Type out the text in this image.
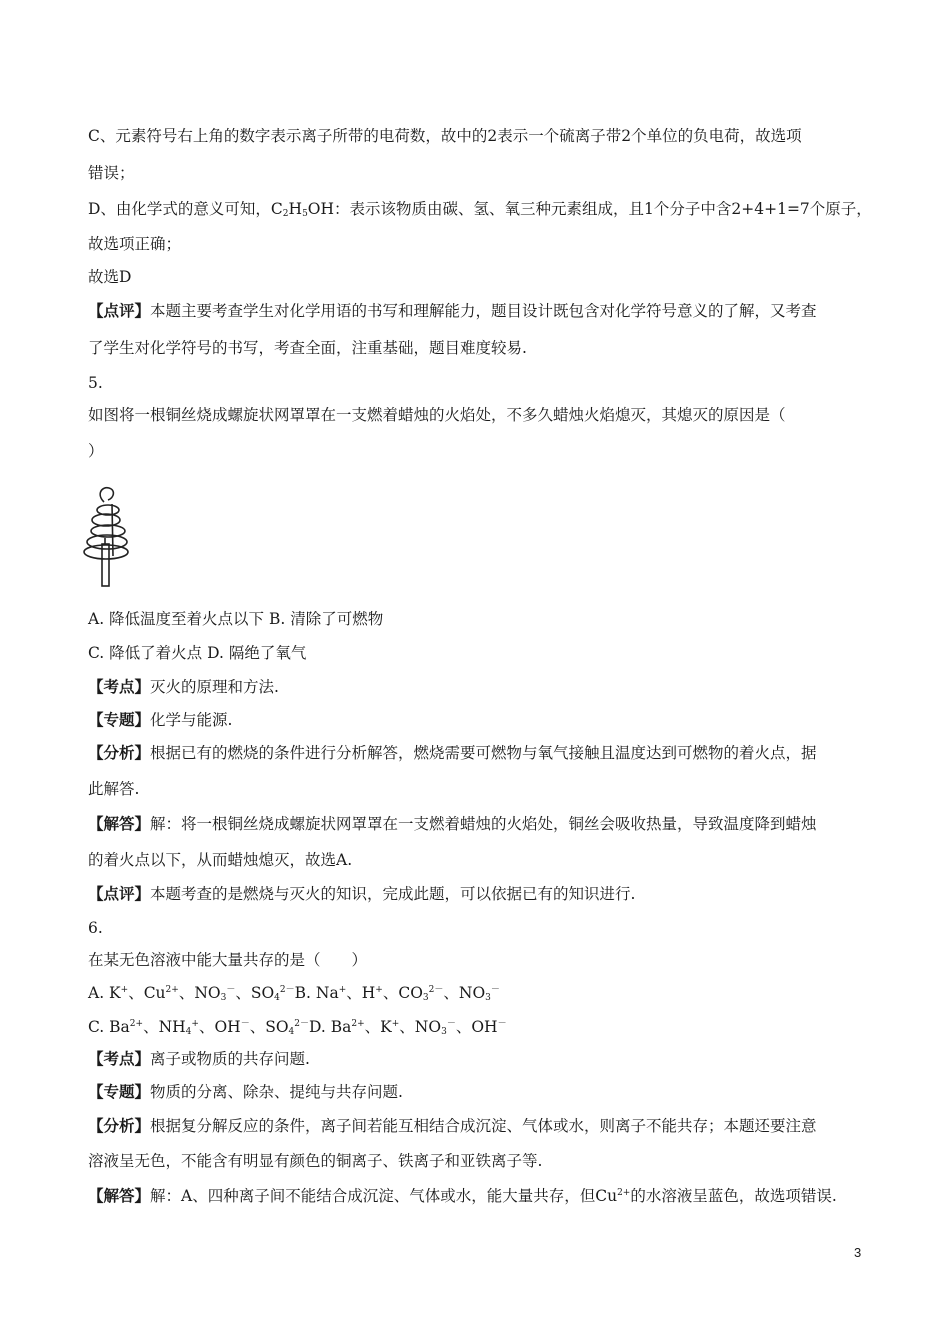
C、元素符号右上角的数字表示离子所带的电荷数，故中的2表示一个硫离子带2个单位的负电荷，故选项
错误；
D、由化学式的意义可知，$C_2H_5OH$：表示该物质由碳、氢、氧三种元素组成，且1个分子中含2+4+1=7个原子，
故选项正确；
故选D
【点评】本题主要考查学生对化学用语的书写和理解能力，题目设计既包含对化学符号意义的了解，又考查
了学生对化学符号的书写，考查全面，注重基础，题目难度较易.
5.
如图将一根铜丝烧成螺旋状网罩罩在一支燃着蜡烛的火焰处，不多久蜡烛火焰熄灭，其熄灭的原因是（
）
A. 降低温度至着火点以下 B. 清除了可燃物
C. 降低了着火点 D. 隔绝了氧气
【考点】灭火的原理和方法.
【专题】化学与能源.
【分析】根据已有的燃烧的条件进行分析解答，燃烧需要可燃物与氧气接触且温度达到可燃物的着火点，据
此解答.
【解答】解：将一根铜丝烧成螺旋状网罩罩在一支燃着蜡烛的火焰处，铜丝会吸收热量，导致温度降到蜡烛
的着火点以下，从而蜡烛熄灭，故选A.
【点评】本题考查的是燃烧与灭火的知识，完成此题，可以依据已有的知识进行.
6.
在某无色溶液中能大量共存的是（　　）
A. K+、$Cu^{2+}$、$NO_3^-$、$SO_4^{2-}B$. Na+、H+、$CO_3^{2-}$、$NO_3^-$
C. $Ba^{2+}$、$NH_4^+$、OH－、$SO_4^{2-}D$. $Ba^{2+}$、K+、$NO_3^-$、OH－
【考点】离子或物质的共存问题.
【专题】物质的分离、除杂、提纯与共存问题.
【分析】根据复分解反应的条件，离子间若能互相结合成沉淀、气体或水，则离子不能共存；本题还要注意
溶液呈无色，不能含有明显有颜色的铜离子、铁离子和亚铁离子等.
【解答】解：A、四种离子间不能结合成沉淀、气体或水，能大量共存，但$Cu^{2+}$的水溶液呈蓝色，故选项错误.
3
